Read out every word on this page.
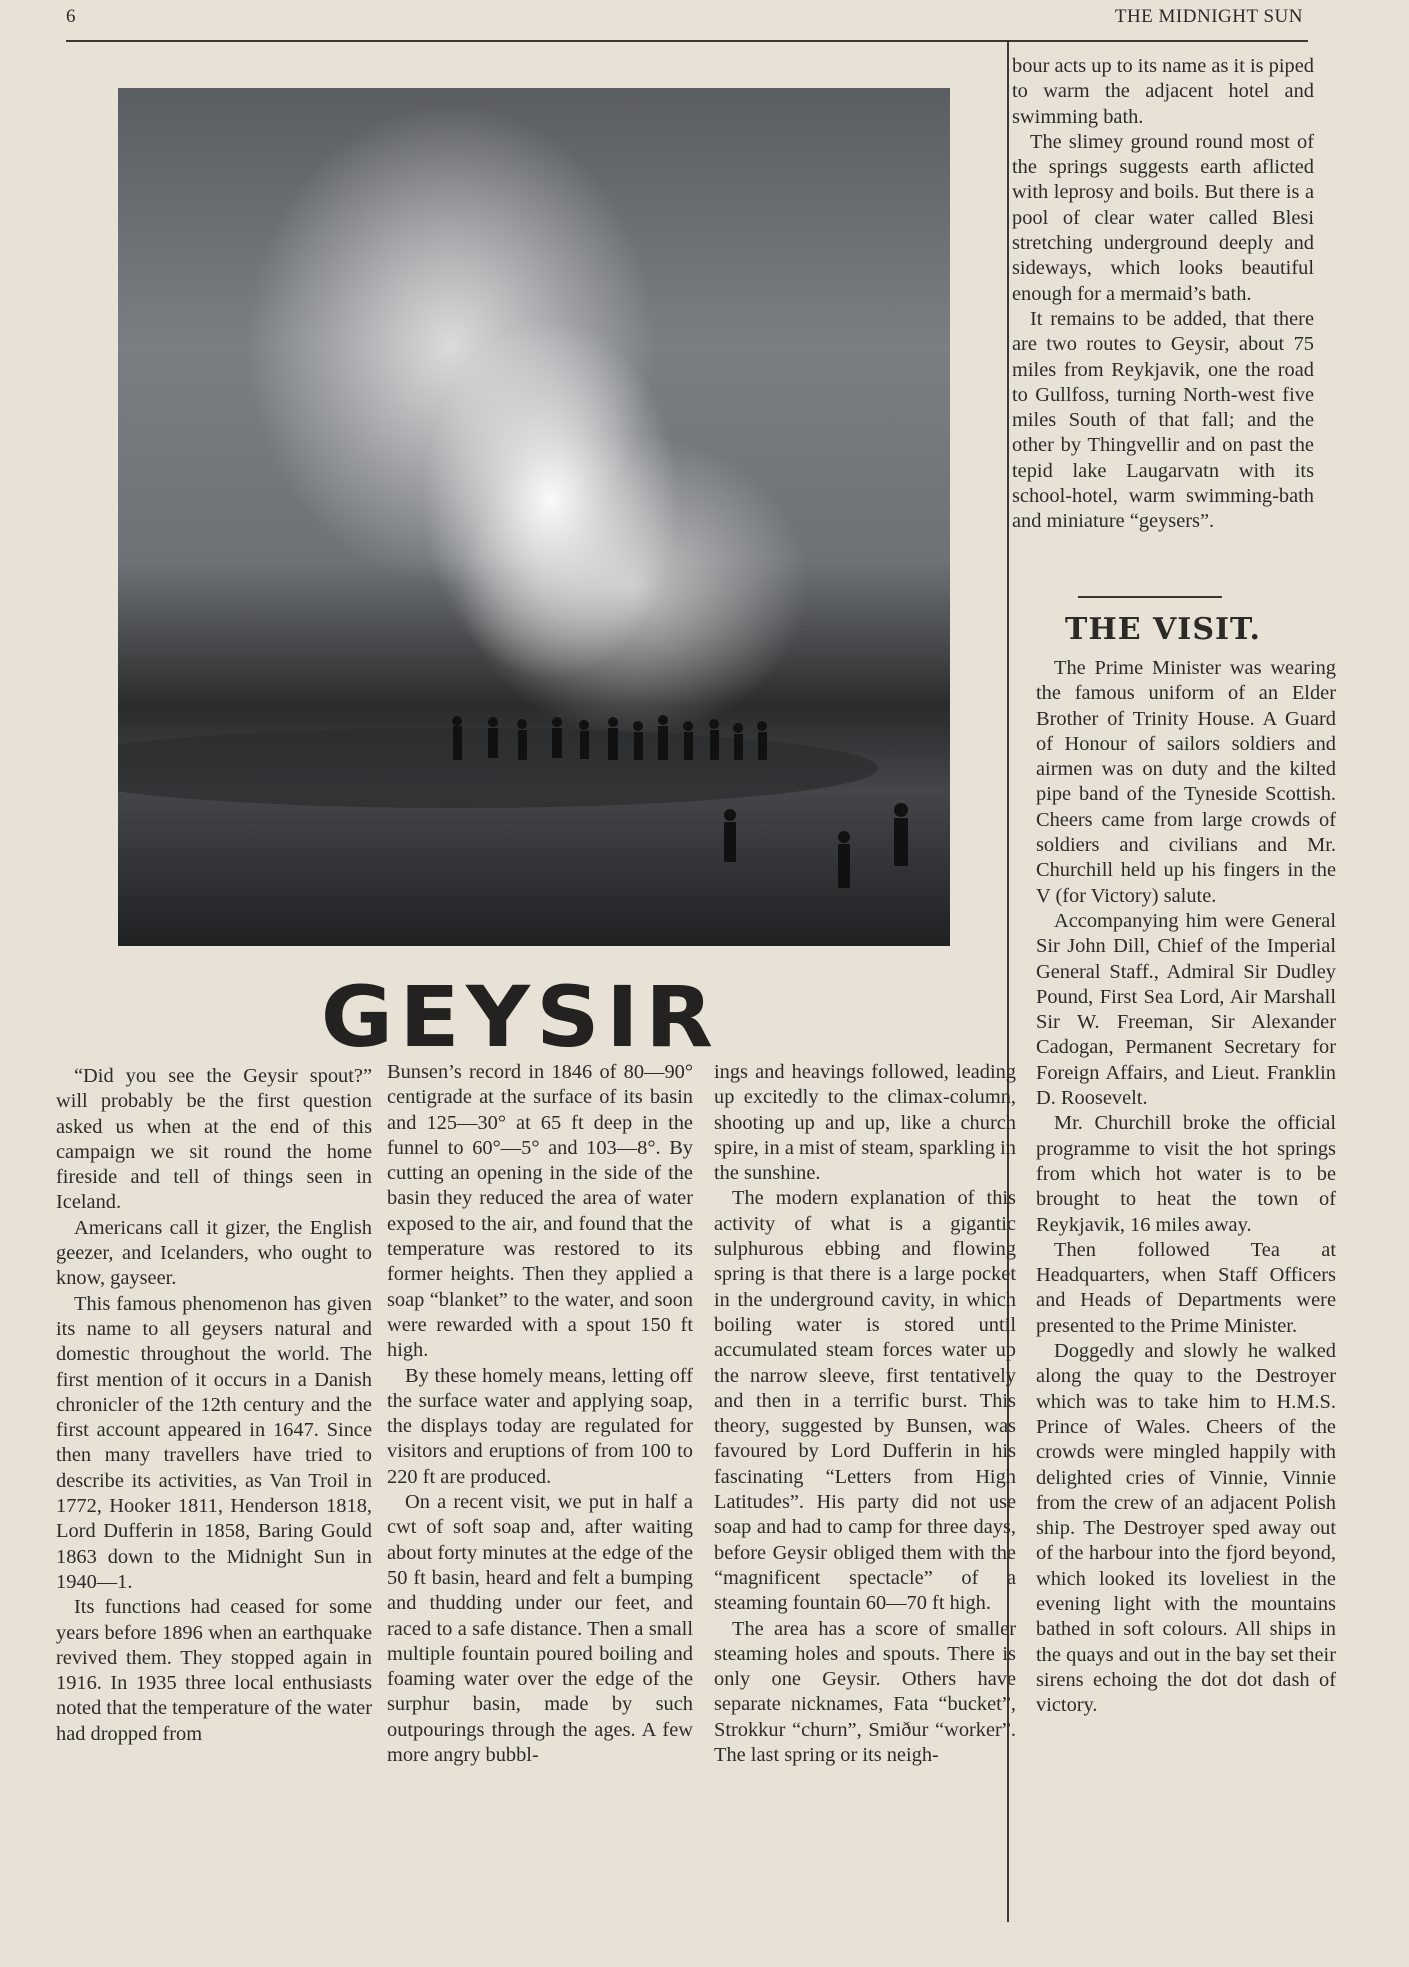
6	THE MIDNIGHT SUN
GEYSIR

“Did you see the Geysir spout?” will probably be the first question asked us when at the end of this campaign we sit round the home fireside and tell of things seen in Iceland.

Americans call it gizer, the English geezer, and Icelanders, who ought to know, gayseer.

This famous phenomenon has given its name to all geysers natural and domestic throughout the world. The first mention of it occurs in a Danish chronicler of the 12th century and the first account appeared in 1647. Since then many travellers have tried to describe its activities, as Van Troil in 1772, Hooker 1811, Henderson 1818, Lord Dufferin in 1858, Baring Gould 1863 down to the Midnight Sun in 1940—1.

Its functions had ceased for some years before 1896 when an earthquake revived them. They stopped again in 1916. In 1935 three local enthusiasts noted that the temperature of the water had dropped from

Bunsen’s record in 1846 of 80—90° centigrade at the surface of its basin and 125—30° at 65 ft deep in the funnel to 60°—5° and 103—8°. By cutting an opening in the side of the basin they reduced the area of water exposed to the air, and found that the temperature was restored to its former heights. Then they applied a soap “blanket” to the water, and soon were rewarded with a spout 150 ft high.

By these homely means, letting off the surface water and applying soap, the displays today are regulated for visitors and eruptions of from 100 to 220 ft are produced.

On a recent visit, we put in half a cwt of soft soap and, after waiting about forty minutes at the edge of the 50 ft basin, heard and felt a bumping and thudding under our feet, and raced to a safe distance. Then a small multiple fountain poured boiling and foaming water over the edge of the surphur basin, made by such outpourings through the ages. A few more angry bubbl-

ings and heavings followed, leading up excitedly to the climax-column, shooting up and up, like a church spire, in a mist of steam, sparkling in the sunshine.

The modern explanation of this activity of what is a gigantic sulphurous ebbing and flowing spring is that there is a large pocket in the underground cavity, in which boiling water is stored until accumulated steam forces water up the narrow sleeve, first tentatively and then in a terrific burst. This theory, suggested by Bunsen, was favoured by Lord Dufferin in his fascinating “Letters from High Latitudes”. His party did not use soap and had to camp for three days, before Geysir obliged them with the “magnificent spectacle” of a steaming fountain 60—70 ft high.

The area has a score of smaller steaming holes and spouts. There is only one Geysir. Others have separate nicknames, Fata “bucket”, Strokkur “churn”, Smiður “worker”. The last spring or its neigh-

bour acts up to its name as it is piped to warm the adjacent hotel and swimming bath.

The slimey ground round most of the springs suggests earth aflicted with leprosy and boils. But there is a pool of clear water called Blesi stretching underground deeply and sideways, which looks beautiful enough for a mermaid’s bath.

It remains to be added, that there are two routes to Geysir, about 75 miles from Reykjavik, one the road to Gullfoss, turning North-west five miles South of that fall; and the other by Thingvellir and on past the tepid lake Laugarvatn with its school-hotel, warm swimming-bath and miniature “geysers”.

THE VISIT.

The Prime Minister was wearing the famous uniform of an Elder Brother of Trinity House. A Guard of Honour of sailors soldiers and airmen was on duty and the kilted pipe band of the Tyneside Scottish. Cheers came from large crowds of soldiers and civilians and Mr. Churchill held up his fingers in the V (for Victory) salute.

Accompanying him were General Sir John Dill, Chief of the Imperial General Staff., Admiral Sir Dudley Pound, First Sea Lord, Air Marshall Sir W. Freeman, Sir Alexander Cadogan, Permanent Secretary for Foreign Affairs, and Lieut. Franklin D. Roosevelt.

Mr. Churchill broke the official programme to visit the hot springs from which hot water is to be brought to heat the town of Reykjavik, 16 miles away.

Then followed Tea at Headquarters, when Staff Officers and Heads of Departments were presented to the Prime Minister.

Doggedly and slowly he walked along the quay to the Destroyer which was to take him to H.M.S. Prince of Wales. Cheers of the crowds were mingled happily with delighted cries of Vinnie, Vinnie from the crew of an adjacent Polish ship. The Destroyer sped away out of the harbour into the fjord beyond, which looked its loveliest in the evening light with the mountains bathed in soft colours. All ships in the quays and out in the bay set their sirens echoing the dot dot dash of victory.
